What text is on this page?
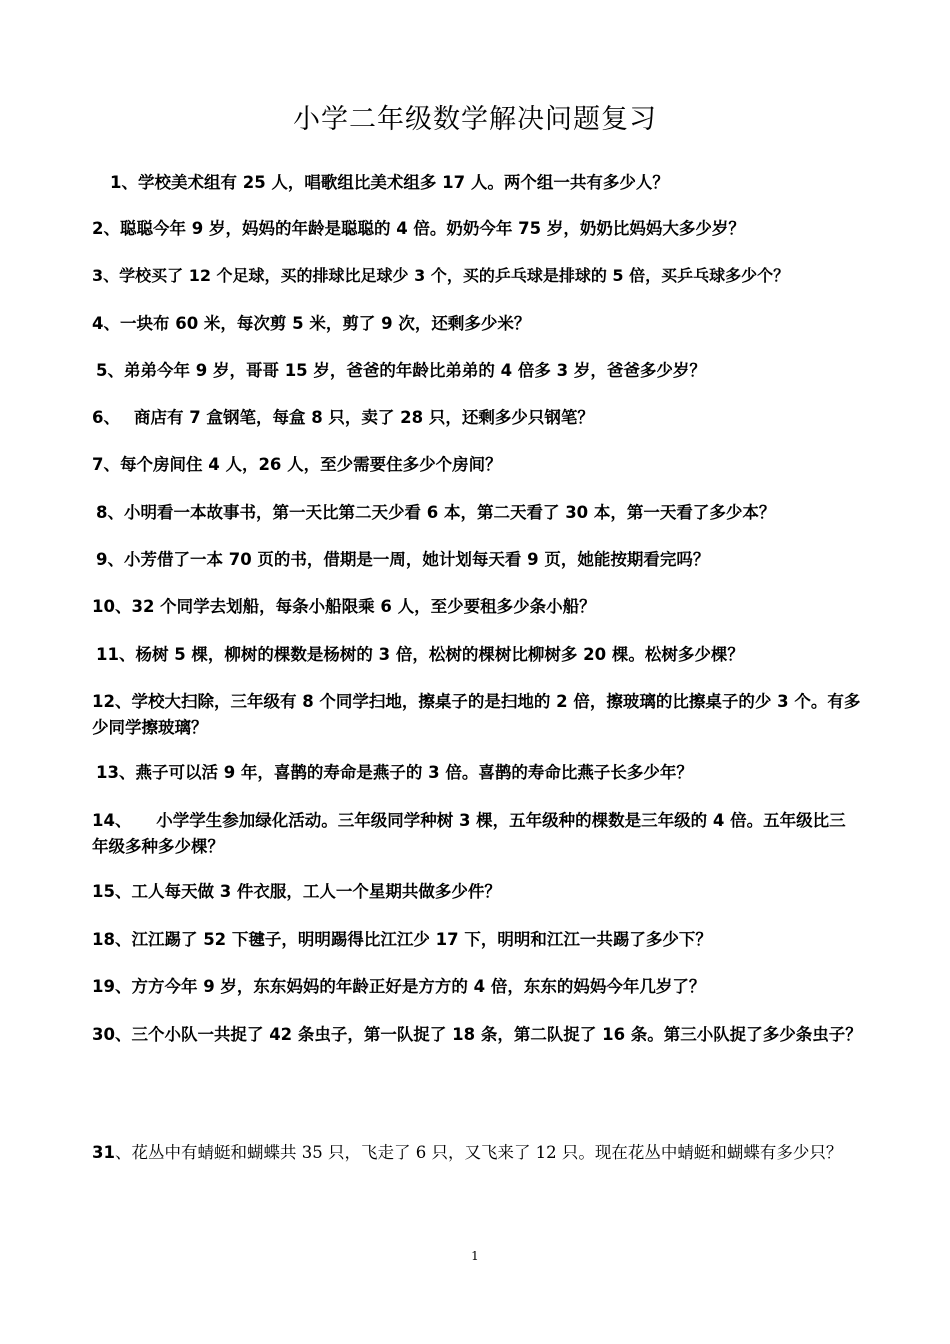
小学二年级数学解决问题复习

1、学校美术组有 25 人，唱歌组比美术组多 17 人。两个组一共有多少人？

2、聪聪今年 9 岁，妈妈的年龄是聪聪的 4 倍。奶奶今年 75 岁，奶奶比妈妈大多少岁？

3、学校买了 12 个足球，买的排球比足球少 3 个，买的乒乓球是排球的 5 倍，买乒乓球多少个？

4、一块布 60 米，每次剪 5 米，剪了 9 次，还剩多少米？

5、弟弟今年 9 岁，哥哥 15 岁，爸爸的年龄比弟弟的 4 倍多 3 岁，爸爸多少岁？

6、　 商店有 7 盒钢笔，每盒 8 只，卖了 28 只，还剩多少只钢笔？

7、每个房间住 4 人，26 人，至少需要住多少个房间？

8、小明看一本故事书，第一天比第二天少看 6 本，第二天看了 30 本，第一天看了多少本？

9、小芳借了一本 70 页的书，借期是一周，她计划每天看 9 页，她能按期看完吗？

10、32 个同学去划船，每条小船限乘 6 人，至少要租多少条小船？

11、杨树 5 棵，柳树的棵数是杨树的 3 倍，松树的棵树比柳树多 20 棵。松树多少棵？

12、学校大扫除，三年级有 8 个同学扫地，擦桌子的是扫地的 2 倍，擦玻璃的比擦桌子的少 3 个。有多少同学擦玻璃？

13、燕子可以活 9 年，喜鹊的寿命是燕子的 3 倍。喜鹊的寿命比燕子长多少年？

14、　　小学学生参加绿化活动。三年级同学种树 3 棵，五年级种的棵数是三年级的 4 倍。五年级比三年级多种多少棵？

15、工人每天做 3 件衣服，工人一个星期共做多少件？

18、江江踢了 52 下毽子，明明踢得比江江少 17 下，明明和江江一共踢了多少下？

19、方方今年 9 岁，东东妈妈的年龄正好是方方的 4 倍，东东的妈妈今年几岁了？

30、三个小队一共捉了 42 条虫子，第一队捉了 18 条，第二队捉了 16 条。第三小队捉了多少条虫子？

31、花丛中有蜻蜓和蝴蝶共 35 只，飞走了 6 只，又飞来了 12 只。现在花丛中蜻蜓和蝴蝶有多少只？

1
